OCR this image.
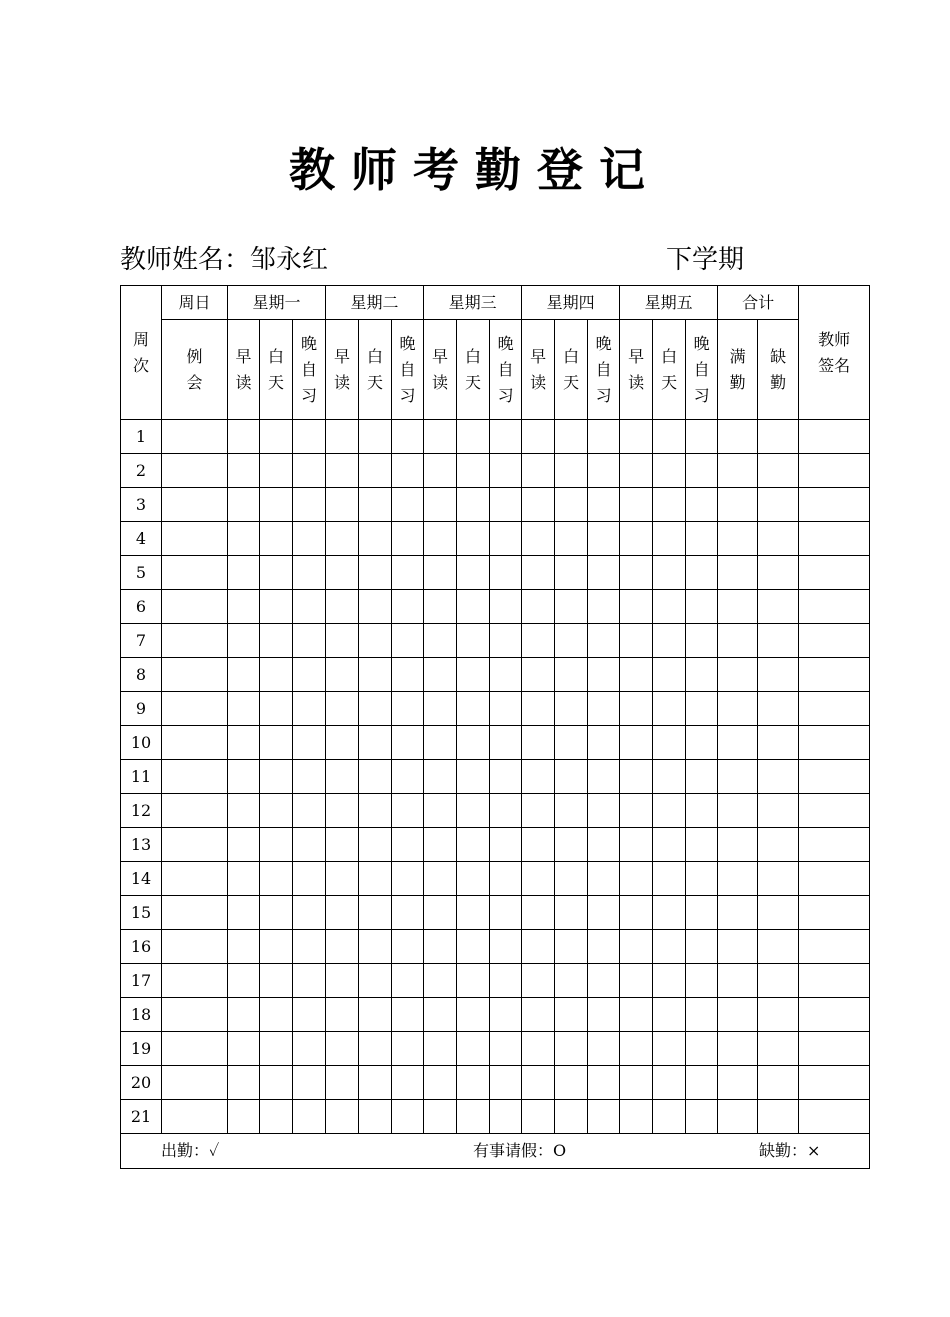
教师考勤登记
教师姓名：邹永红	下学期
周次	周日	星期一			星期二			星期三			星期四			星期五			合计		教师签名
	例会	早读	白天	晚自习	早读	白天	晚自习	早读	白天	晚自习	早读	白天	晚自习	早读	白天	晚自习	满勤	缺勤	
1																			
2																			
3																			
4																			
5																			
6																			
7																			
8																			
9																			
10																			
11																			
12																			
13																			
14																			
15																			
16																			
17																			
18																			
19																			
20																			
21																			

出勤：✓ 有事请假：O 缺勤：×																			
